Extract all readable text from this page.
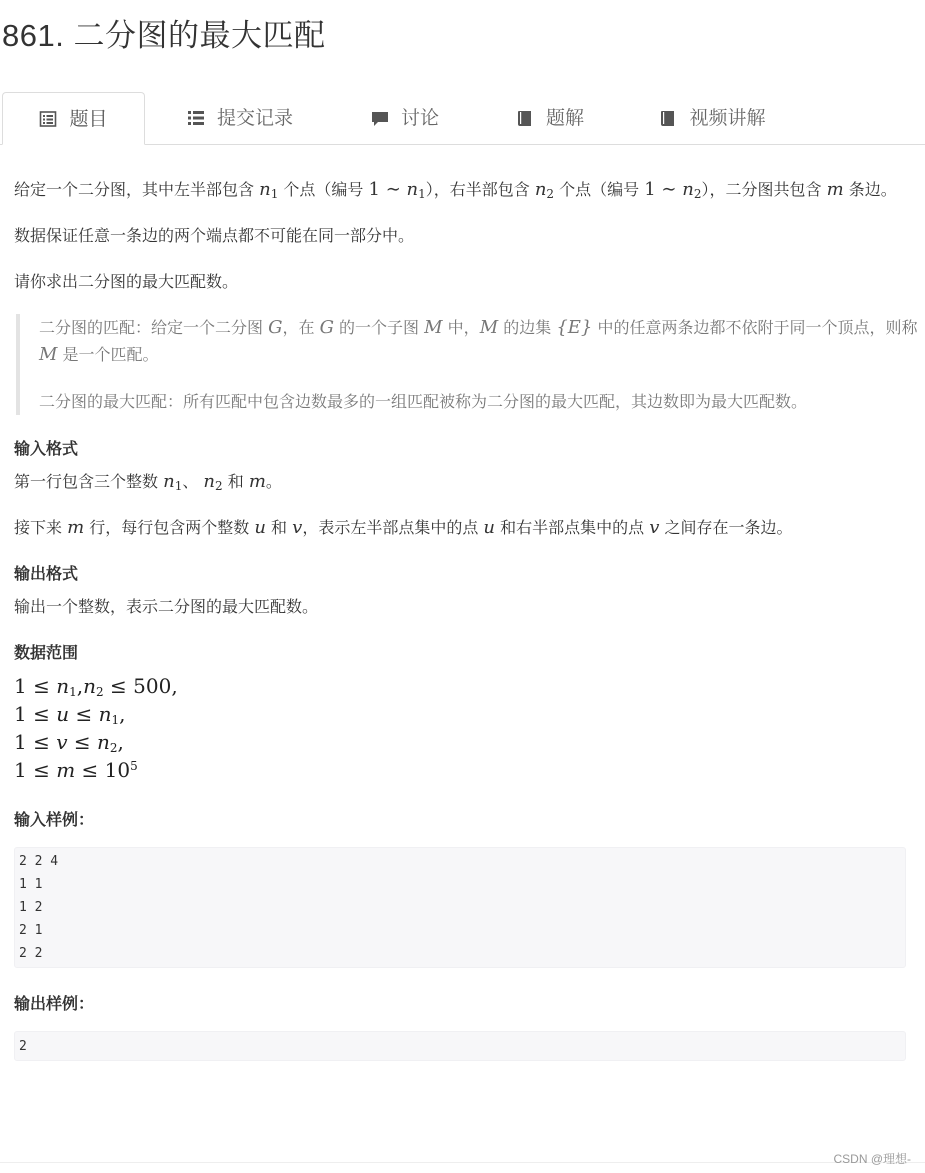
861. 二分图的最大匹配
题目	提交记录	讨论	题解	视频讲解
给定一个二分图，其中左半部包含 $n_1$ 个点（编号 1 ∼ $n_1$），右半部包含 $n_2$ 个点（编号 1 ∼ $n_2$），二分图共包含 m 条边。
数据保证任意一条边的两个端点都不可能在同一部分中。
请你求出二分图的最大匹配数。
二分图的匹配：给定一个二分图 G，在 G 的一个子图 M 中，M 的边集 {E} 中的任意两条边都不依附于同一个顶点，则称 M 是一个匹配。
二分图的最大匹配：所有匹配中包含边数最多的一组匹配被称为二分图的最大匹配，其边数即为最大匹配数。
输入格式
第一行包含三个整数 $n_1$、 $n_2$ 和 m。
接下来 m 行，每行包含两个整数 u 和 v，表示左半部点集中的点 u 和右半部点集中的点 v 之间存在一条边。
输出格式
输出一个整数，表示二分图的最大匹配数。
数据范围
$1 \le n_1,n_2 \le 500$,
$1 \le u \le n_1$,
$1 \le v \le n_2$,
$1 \le m \le 10^5$
输入样例：
2 2 4
1 1
1 2
2 1
2 2
输出样例：
2
CSDN @理想-
